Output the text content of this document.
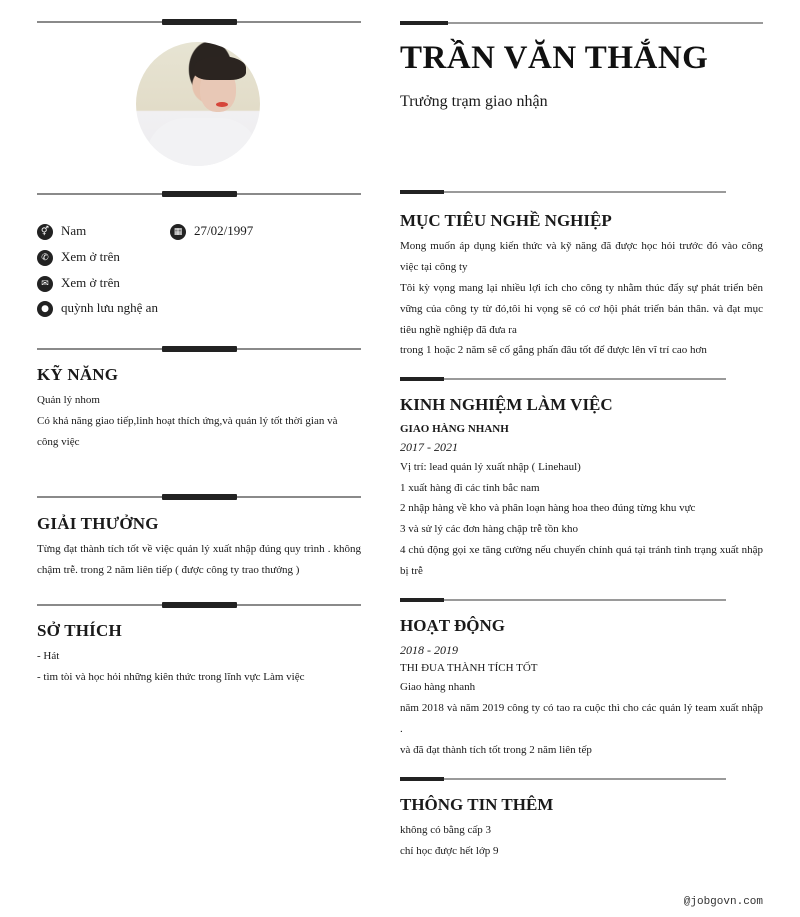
⚥ Nam	▦ 27/02/1997
✆ Xem ở trên
✉ Xem ở trên
● quỳnh lưu nghệ an
KỸ NĂNG
Quản lý nhom
Có khả năng giao tiếp,linh hoạt thích ứng,và quản lý tốt thời gian và công việc
GIẢI THƯỞNG
Từng đạt thành tích tốt về việc quản lý xuất nhập đúng quy trình . không chậm trễ. trong 2 năm liên tiếp ( được công ty trao thưởng )
SỞ THÍCH
- Hát
- tìm tòi và học hỏi những kiên thức trong lĩnh vực Làm việc
TRẦN VĂN THẮNG
Trưởng trạm giao nhận
MỤC TIÊU NGHỀ NGHIỆP
Mong muốn áp dụng kiến thức và kỹ năng đã được học hỏi trước đó vào công việc tại công ty
Tôi kỳ vọng mang lại nhiều lợi ích cho công ty nhằm thúc đẩy sự phát triển bên vững của công ty từ đó,tôi hi vọng sẽ có cơ hội phát triển bản thân. và đạt mục tiêu nghề nghiệp đã đưa ra
trong 1 hoặc 2 năm sẽ cố gắng phấn đâu tốt để được lên vĩ trí cao hơn
KINH NGHIỆM LÀM VIỆC
GIAO HÀNG NHANH
2017 - 2021
Vị trí: lead quản lý xuất nhập ( Linehaul)
1 xuất hàng đi các tỉnh bắc nam
2 nhập hàng về kho và phân loạn hàng hoa theo đúng từng khu vực
3 và sử lý các đơn hàng chập trễ tồn kho
4 chủ động gọi xe tăng cường nếu chuyến chính quá tại tránh tình trạng xuất nhập bị trễ
HOẠT ĐỘNG
2018 - 2019
THI ĐUA THÀNH TÍCH TỐT
Giao hàng nhanh
năm 2018 và năm 2019 công ty có tao ra cuộc thì cho các quản lý team xuất nhập .
và đã đạt thành tích tốt trong 2 năm liên tếp
THÔNG TIN THÊM
không có bằng cấp 3
chỉ học được hết lớp 9
@jobgovn.com
